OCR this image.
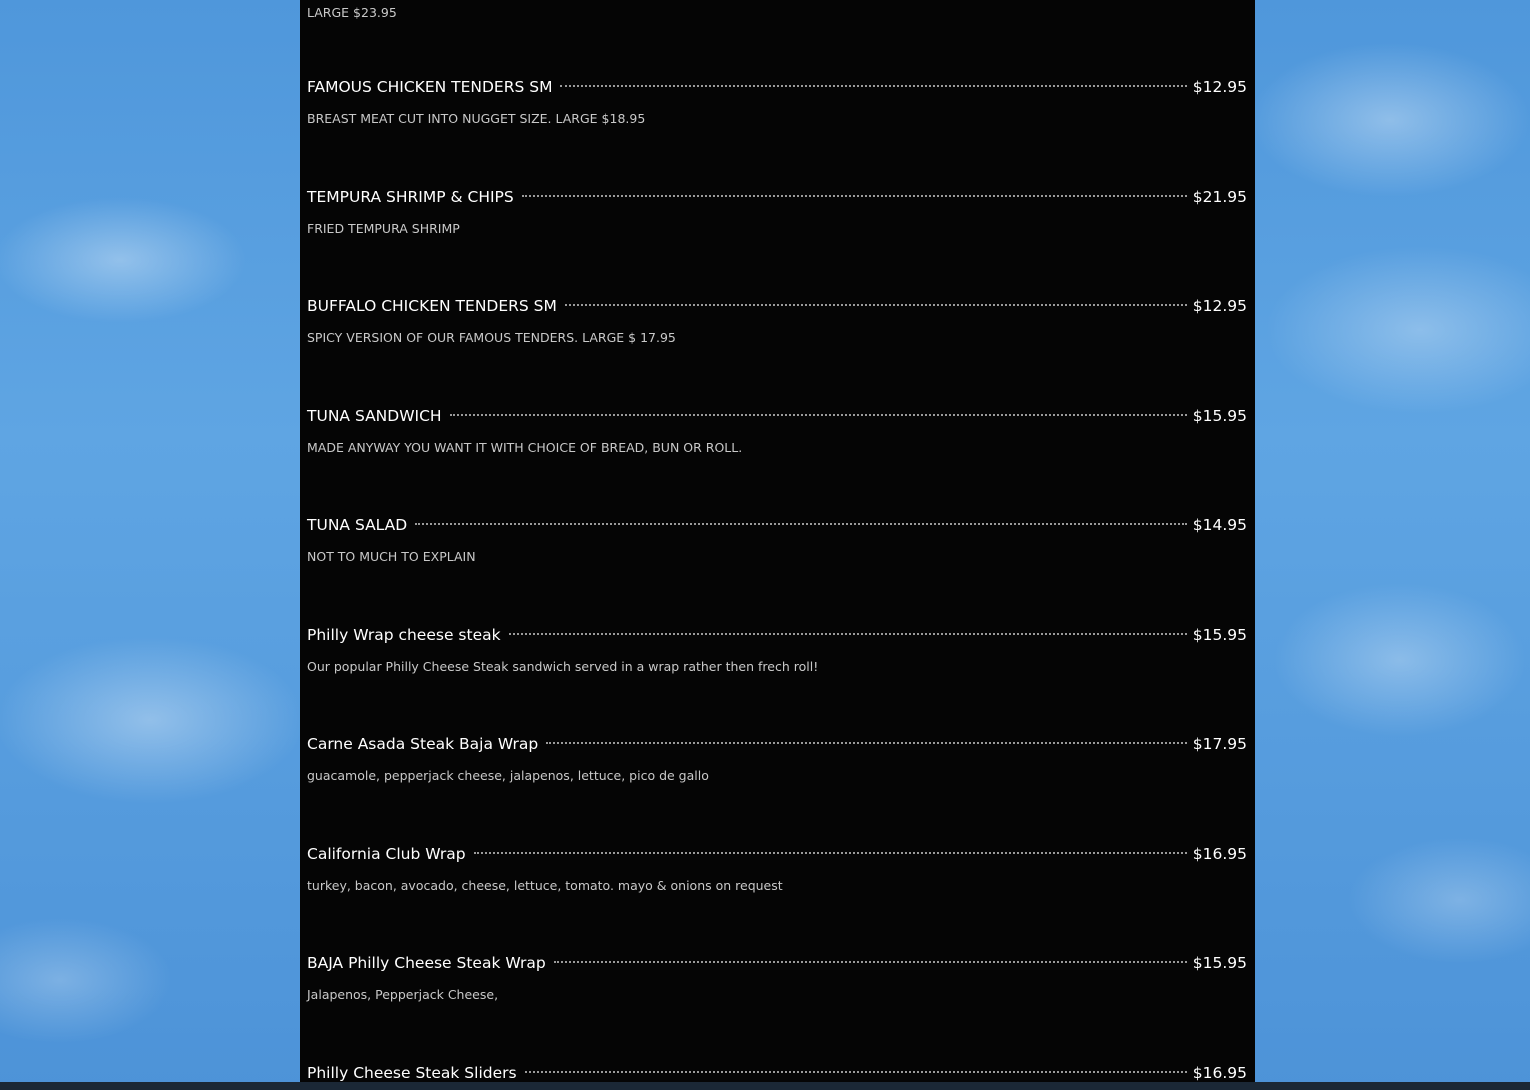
LARGE $23.95
FAMOUS CHICKEN TENDERS SM	$12.95
BREAST MEAT CUT INTO NUGGET SIZE. LARGE $18.95
TEMPURA SHRIMP & CHIPS	$21.95
FRIED TEMPURA SHRIMP
BUFFALO CHICKEN TENDERS SM	$12.95
SPICY VERSION OF OUR FAMOUS TENDERS. LARGE $ 17.95
TUNA SANDWICH	$15.95
MADE ANYWAY YOU WANT IT WITH CHOICE OF BREAD, BUN OR ROLL.
TUNA SALAD	$14.95
NOT TO MUCH TO EXPLAIN
Philly Wrap cheese steak	$15.95
Our popular Philly Cheese Steak sandwich served in a wrap rather then frech roll!
Carne Asada Steak Baja Wrap	$17.95
guacamole, pepperjack cheese, jalapenos, lettuce, pico de gallo
California Club Wrap	$16.95
turkey, bacon, avocado, cheese, lettuce, tomato. mayo & onions on request
BAJA Philly Cheese Steak Wrap	$15.95
Jalapenos, Pepperjack Cheese,
Philly Cheese Steak Sliders	$16.95
